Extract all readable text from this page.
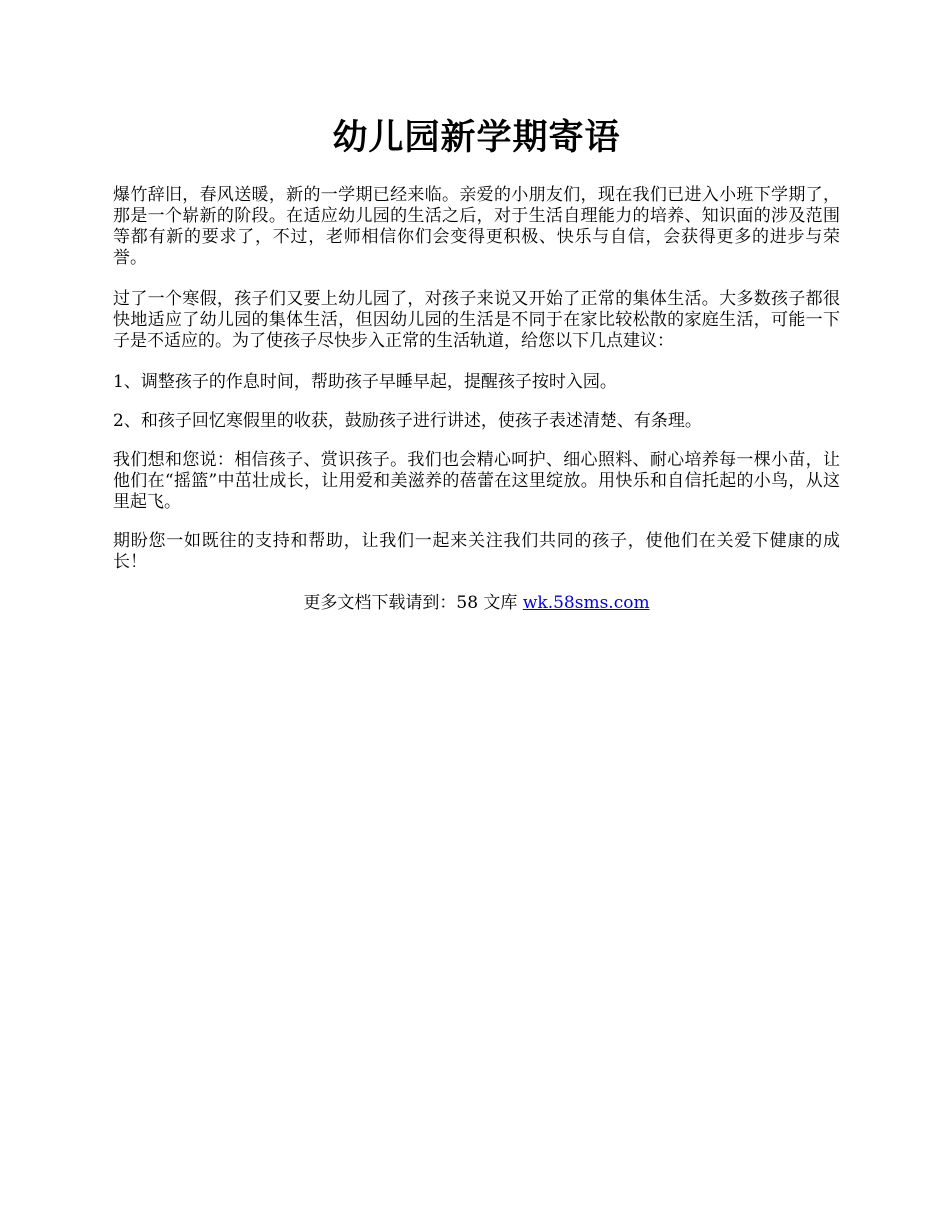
幼儿园新学期寄语

爆竹辞旧，春风送暖，新的一学期已经来临。亲爱的小朋友们，现在我们已进入小班下学期了，那是一个崭新的阶段。在适应幼儿园的生活之后，对于生活自理能力的培养、知识面的涉及范围等都有新的要求了，不过，老师相信你们会变得更积极、快乐与自信，会获得更多的进步与荣誉。

过了一个寒假，孩子们又要上幼儿园了，对孩子来说又开始了正常的集体生活。大多数孩子都很快地适应了幼儿园的集体生活，但因幼儿园的生活是不同于在家比较松散的家庭生活，可能一下子是不适应的。为了使孩子尽快步入正常的生活轨道，给您以下几点建议：

1、调整孩子的作息时间，帮助孩子早睡早起，提醒孩子按时入园。

2、和孩子回忆寒假里的收获，鼓励孩子进行讲述，使孩子表述清楚、有条理。

我们想和您说：相信孩子、赏识孩子。我们也会精心呵护、细心照料、耐心培养每一棵小苗，让他们在“摇篮”中茁壮成长，让用爱和美滋养的蓓蕾在这里绽放。用快乐和自信托起的小鸟，从这里起飞。

期盼您一如既往的支持和帮助，让我们一起来关注我们共同的孩子，使他们在关爱下健康的成长！

更多文档下载请到：58 文库 wk.58sms.com
